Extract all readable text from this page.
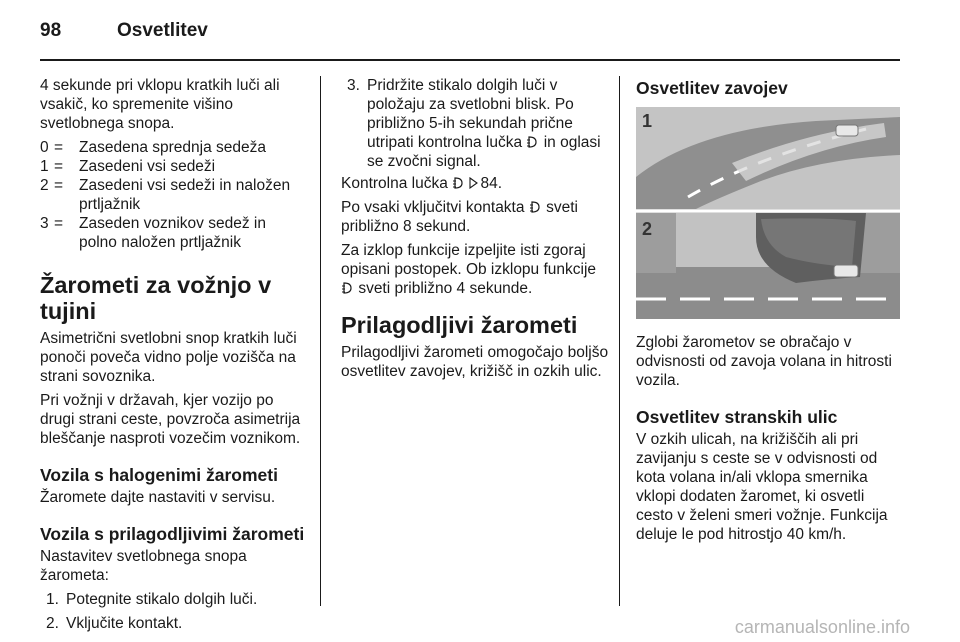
98	Osvetlitev

4 sekunde pri vklopu kratkih luči ali vsakič, ko spremenite višino svetlobnega snopa.

0 =	Zasedena sprednja sedeža
1 =	Zasedeni vsi sedeži
2 =	Zasedeni vsi sedeži in naložen prtljažnik
3 =	Zaseden voznikov sedež in polno naložen prtljažnik
Žarometi za vožnjo v tujini

Asimetrični svetlobni snop kratkih luči ponoči poveča vidno polje vozišča na strani sovoznika.

Pri vožnji v državah, kjer vozijo po drugi strani ceste, povzroča asimetrija bleščanje nasproti vozečim voznikom.

Vozila s halogenimi žarometi

Žaromete dajte nastaviti v servisu.

Vozila s prilagodljivimi žarometi

Nastavitev svetlobnega snopa žarometa:

1. Potegnite stikalo dolgih luči.
2. Vključite kontakt.
3. Pridržite stikalo dolgih luči v položaju za svetlobni blisk. Po približno 5-ih sekundah prične utripati kontrolna lučka in oglasi se zvočni signal.

Kontrolna lučka 84.

Po vsaki vključitvi kontakta sveti približno 8 sekund.

Za izklop funkcije izpeljite isti zgoraj opisani postopek. Ob izklopu funkcije  sveti približno 4 sekunde.

Prilagodljivi žarometi

Prilagodljivi žarometi omogočajo boljšo osvetlitev zavojev, križišč in ozkih ulic.

Osvetlitev zavojev
1
2

Zglobi žarometov se obračajo v odvisnosti od zavoja volana in hitrosti vozila.

Osvetlitev stranskih ulic

V ozkih ulicah, na križiščih ali pri zavijanju s ceste se v odvisnosti od kota volana in/ali vklopa smernika vklopi dodaten žaromet, ki osvetli cesto v želeni smeri vožnje. Funkcija deluje le pod hitrostjo 40 km/h.

carmanualsonline.info
